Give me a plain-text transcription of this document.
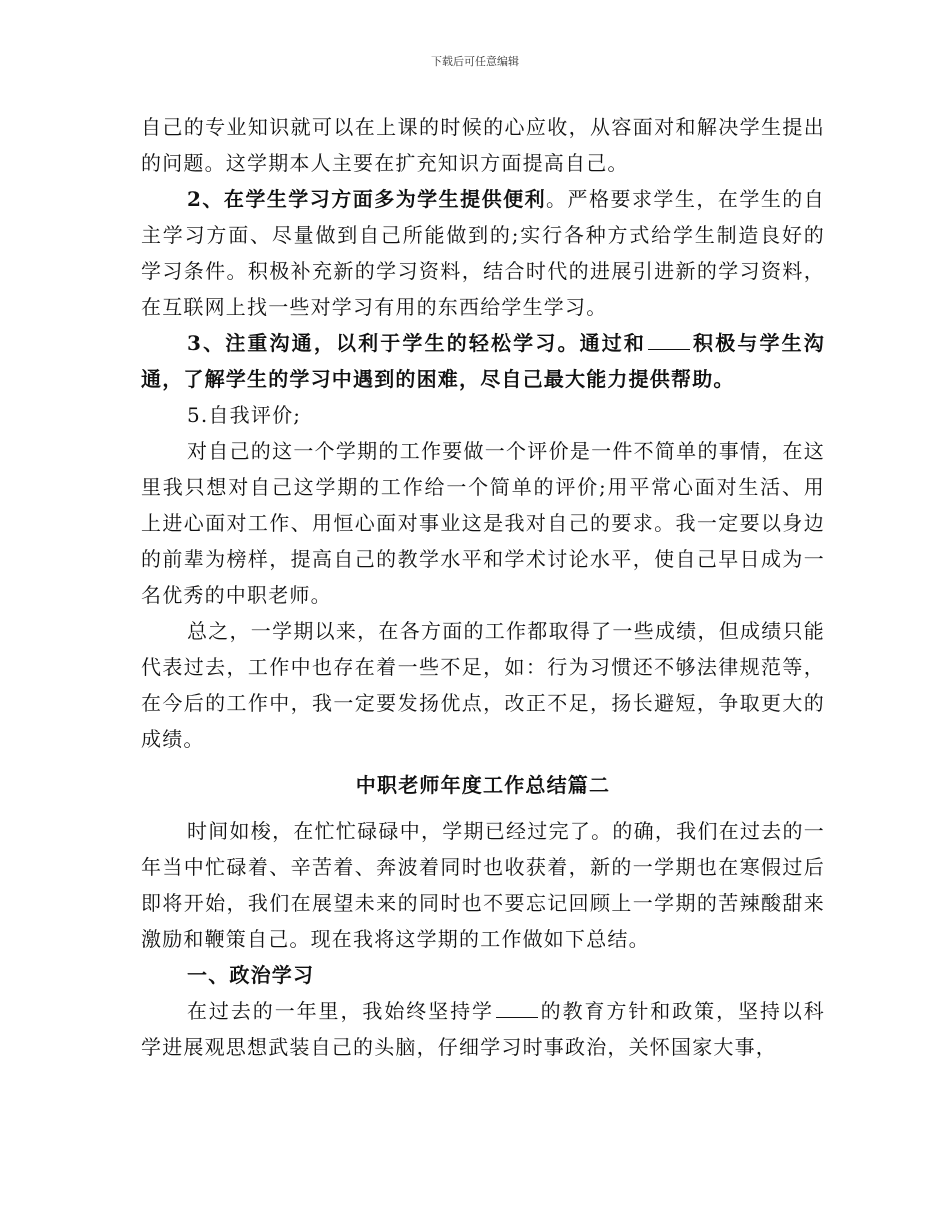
下载后可任意编辑

自己的专业知识就可以在上课的时候的心应收，从容面对和解决学生提出的问题。这学期本人主要在扩充知识方面提高自己。

2、在学生学习方面多为学生提供便利。严格要求学生，在学生的自主学习方面、尽量做到自己所能做到的;实行各种方式给学生制造良好的学习条件。积极补充新的学习资料，结合时代的进展引进新的学习资料，在互联网上找一些对学习有用的东西给学生学习。

3、注重沟通，以利于学生的轻松学习。通过和 积极与学生沟通，了解学生的学习中遇到的困难，尽自己最大能力提供帮助。

5.自我评价;

对自己的这一个学期的工作要做一个评价是一件不简单的事情，在这里我只想对自己这学期的工作给一个简单的评价;用平常心面对生活、用上进心面对工作、用恒心面对事业这是我对自己的要求。我一定要以身边的前辈为榜样，提高自己的教学水平和学术讨论水平，使自己早日成为一名优秀的中职老师。

总之，一学期以来，在各方面的工作都取得了一些成绩，但成绩只能代表过去，工作中也存在着一些不足，如：行为习惯还不够法律规范等，在今后的工作中，我一定要发扬优点，改正不足，扬长避短，争取更大的成绩。

中职老师年度工作总结篇二

时间如梭，在忙忙碌碌中，学期已经过完了。的确，我们在过去的一年当中忙碌着、辛苦着、奔波着同时也收获着，新的一学期也在寒假过后即将开始，我们在展望未来的同时也不要忘记回顾上一学期的苦辣酸甜来激励和鞭策自己。现在我将这学期的工作做如下总结。

一、政治学习

在过去的一年里，我始终坚持学 的教育方针和政策，坚持以科学进展观思想武装自己的头脑，仔细学习时事政治，关怀国家大事，
